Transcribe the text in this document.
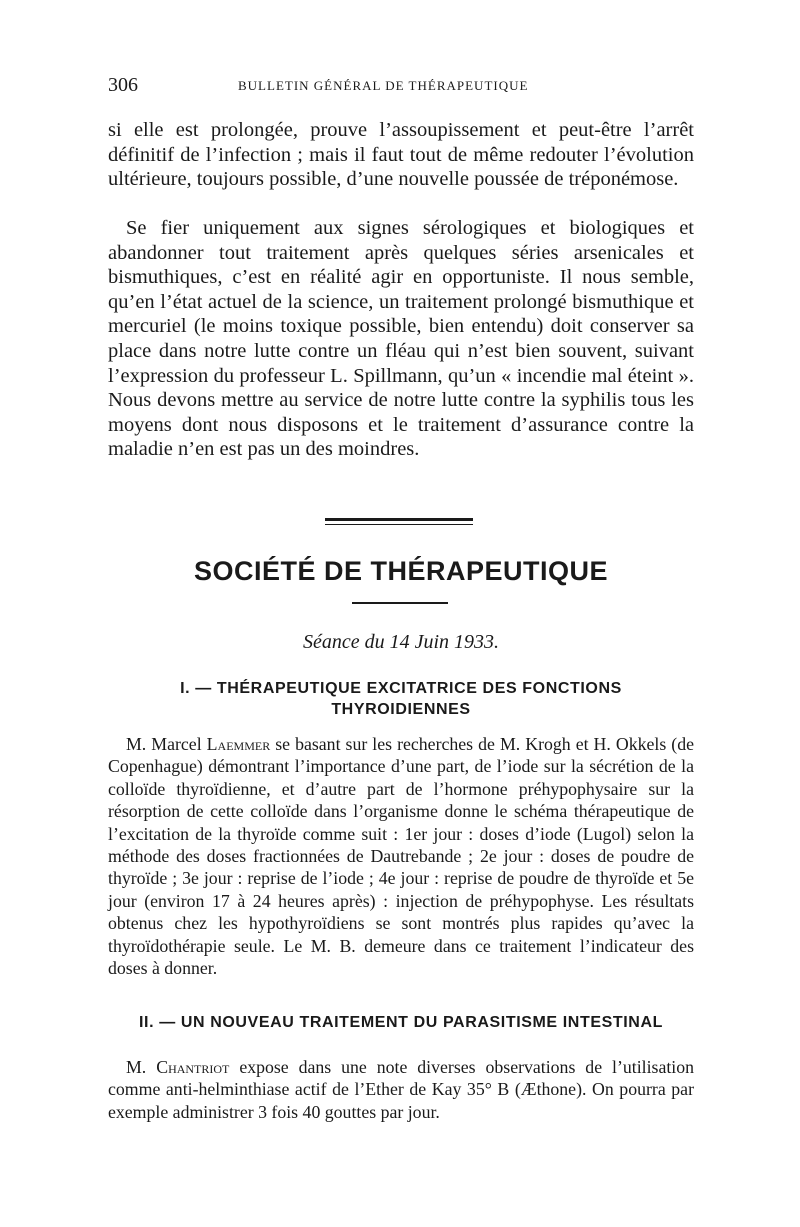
306	BULLETIN GÉNÉRAL DE THÉRAPEUTIQUE

si elle est prolongée, prouve l’assoupissement et peut-être l’arrêt définitif de l’infection ; mais il faut tout de même redouter l’évolution ultérieure, toujours possible, d’une nouvelle poussée de tréponémose.

Se fier uniquement aux signes sérologiques et biologiques et abandonner tout traitement après quelques séries arsenicales et bismuthiques, c’est en réalité agir en opportuniste. Il nous semble, qu’en l’état actuel de la science, un traitement prolongé bismuthique et mercuriel (le moins toxique possible, bien entendu) doit conserver sa place dans notre lutte contre un fléau qui n’est bien souvent, suivant l’expression du professeur L. Spillmann, qu’un « incendie mal éteint ». Nous devons mettre au service de notre lutte contre la syphilis tous les moyens dont nous disposons et le traitement d’assurance contre la maladie n’en est pas un des moindres.

SOCIÉTÉ DE THÉRAPEUTIQUE
Séance du 14 Juin 1933.
I. — THÉRAPEUTIQUE EXCITATRICE DES FONCTIONS THYROIDIENNES

M. Marcel Laemmer se basant sur les recherches de M. Krogh et H. Okkels (de Copenhague) démontrant l’importance d’une part, de l’iode sur la sécrétion de la colloïde thyroïdienne, et d’autre part de l’hormone préhypophysaire sur la résorption de cette colloïde dans l’organisme donne le schéma thérapeutique de l’excitation de la thyroïde comme suit : 1er jour : doses d’iode (Lugol) selon la méthode des doses fractionnées de Dautrebande ; 2e jour : doses de poudre de thyroïde ; 3e jour : reprise de l’iode ; 4e jour : reprise de poudre de thyroïde et 5e jour (environ 17 à 24 heures après) : injection de préhypophyse. Les résultats obtenus chez les hypothyroïdiens se sont montrés plus rapides qu’avec la thyroïdothérapie seule. Le M. B. demeure dans ce traitement l’indicateur des doses à donner.

II. — UN NOUVEAU TRAITEMENT DU PARASITISME INTESTINAL

M. Chantriot expose dans une note diverses observations de l’utilisation comme anti-helminthiase actif de l’Ether de Kay 35° B (Æthone). On pourra par exemple administrer 3 fois 40 gouttes par jour.
